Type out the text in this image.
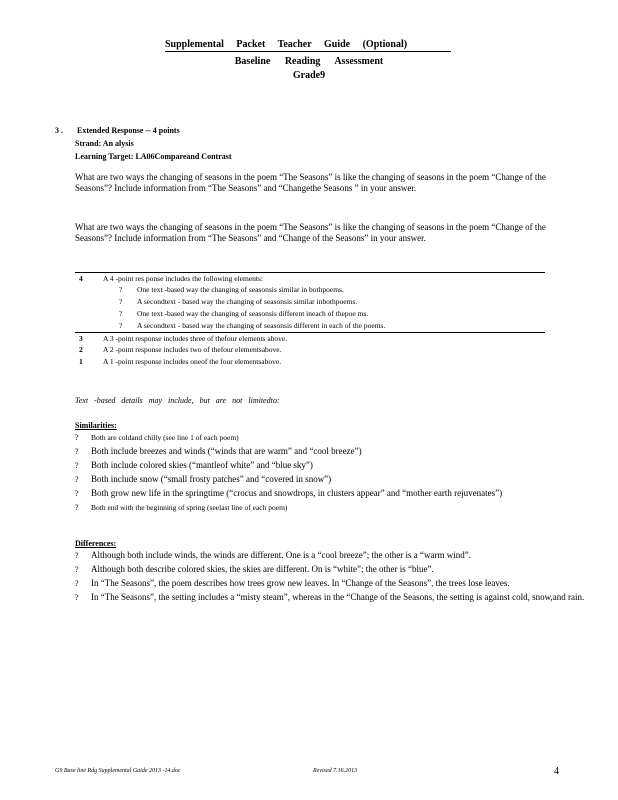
Supplemental Packet Teacher Guide (Optional)
Baseline Reading Assessment
Grade9
3 . Extended Response -- 4 points
Strand: An alysis
Learning Target: LA06Compareand Contrast
What are two ways the changing of seasons in the poem “The Seasons” is like the changing of seasons in the poem “Change of the Seasons”? Include information from “The Seasons” and “Changethe Seasons ” in your answer.
What are two ways the changing of seasons in the poem “The Seasons” is like the changing of seasons in the poem “Change of the Seasons”? Include information from “The Seasons” and “Change of the Seasons” in your answer.
4	A 4 -point res ponse includes the following elements:
? One text -based way the changing of seasonsis similar in bothpoems.
? A secondtext - based way the changing of seasonsis similar inbothpoems.
? One text -based way the changing of seasonsis different ineach of thepoe ms.
? A secondtext - based way the changing of seasonsis different in each of the poems.
3	A 3 -point response includes three of thefour elements above.
2	A 2 -point response includes two of thefour elementsabove.
1	A 1 -point response includes oneof the four elementsabove.
Text -based details may include, but are not limitedto:
Similarities:
? Both are coldand chilly (see line 1 of each poem)
? Both include breezes and winds (“winds that are warm” and “cool breeze”)
? Both include colored skies (“mantleof white” and “blue sky”)
? Both include snow (“small frosty patches” and “covered in snow”)
? Both grow new life in the springtime (“crocus and snowdrops, in clusters appear” and “mother earth rejuvenates”)
? Both end with the beginning of spring (seelast line of each poem)
Differences:
? Although both include winds, the winds are different. One is a “cool breeze”; the other is a “warm wind”.
? Although both describe colored skies, the skies are different. On is “white”; the other is “blue”.
? In “The Seasons”, the poem describes how trees grow new leaves. In “Change of the Seasons”, the trees lose leaves.
? In “The Seasons”, the setting includes a “misty steam”, whereas in the “Change of the Seasons, the setting is against cold, snow,and rain.
G9 Base line Rdg Supplemental Guide 2013 -14.doc	Revised 7.16.2013	4
